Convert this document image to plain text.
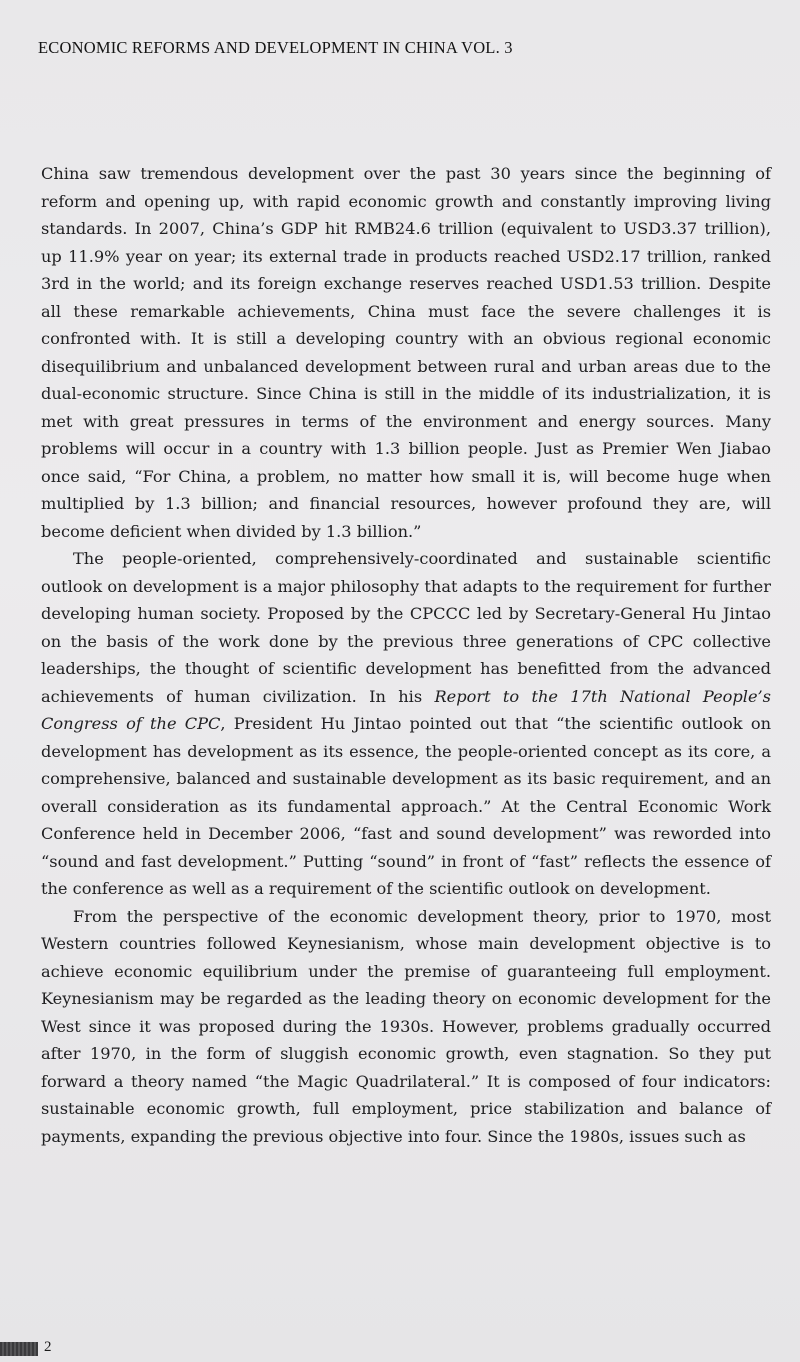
ECONOMIC REFORMS AND DEVELOPMENT IN CHINA VOL. 3

China saw tremendous development over the past 30 years since the beginning of reform and opening up, with rapid economic growth and constantly improving living standards. In 2007, China’s GDP hit RMB24.6 trillion (equivalent to USD3.37 trillion), up 11.9% year on year; its external trade in products reached USD2.17 trillion, ranked 3rd in the world; and its foreign exchange reserves reached USD1.53 trillion. Despite all these remarkable achievements, China must face the severe challenges it is confronted with. It is still a developing country with an obvious regional economic disequilibrium and unbalanced development between rural and urban areas due to the dual-economic structure. Since China is still in the middle of its industrialization, it is met with great pressures in terms of the environment and energy sources. Many problems will occur in a country with 1.3 billion people. Just as Premier Wen Jiabao once said, “For China, a problem, no matter how small it is, will become huge when multiplied by 1.3 billion; and financial resources, however profound they are, will become deficient when divided by 1.3 billion.”

The people-oriented, comprehensively-coordinated and sustainable scientific outlook on development is a major philosophy that adapts to the requirement for further developing human society. Proposed by the CPCCC led by Secretary-General Hu Jintao on the basis of the work done by the previous three generations of CPC collective leaderships, the thought of scientific development has benefitted from the advanced achievements of human civilization. In his Report to the 17th National People’s Congress of the CPC, President Hu Jintao pointed out that “the scientific outlook on development has development as its essence, the people-oriented concept as its core, a comprehensive, balanced and sustainable development as its basic requirement, and an overall consideration as its fundamental approach.” At the Central Economic Work Conference held in December 2006, “fast and sound development” was reworded into “sound and fast development.” Putting “sound” in front of “fast” reflects the essence of the conference as well as a requirement of the scientific outlook on development.

From the perspective of the economic development theory, prior to 1970, most Western countries followed Keynesianism, whose main development objective is to achieve economic equilibrium under the premise of guaranteeing full employment. Keynesianism may be regarded as the leading theory on economic development for the West since it was proposed during the 1930s. However, problems gradually occurred after 1970, in the form of sluggish economic growth, even stagnation. So they put forward a theory named “the Magic Quadrilateral.” It is composed of four indicators: sustainable economic growth, full employment, price stabilization and balance of payments, expanding the previous objective into four. Since the 1980s, issues such as

2
